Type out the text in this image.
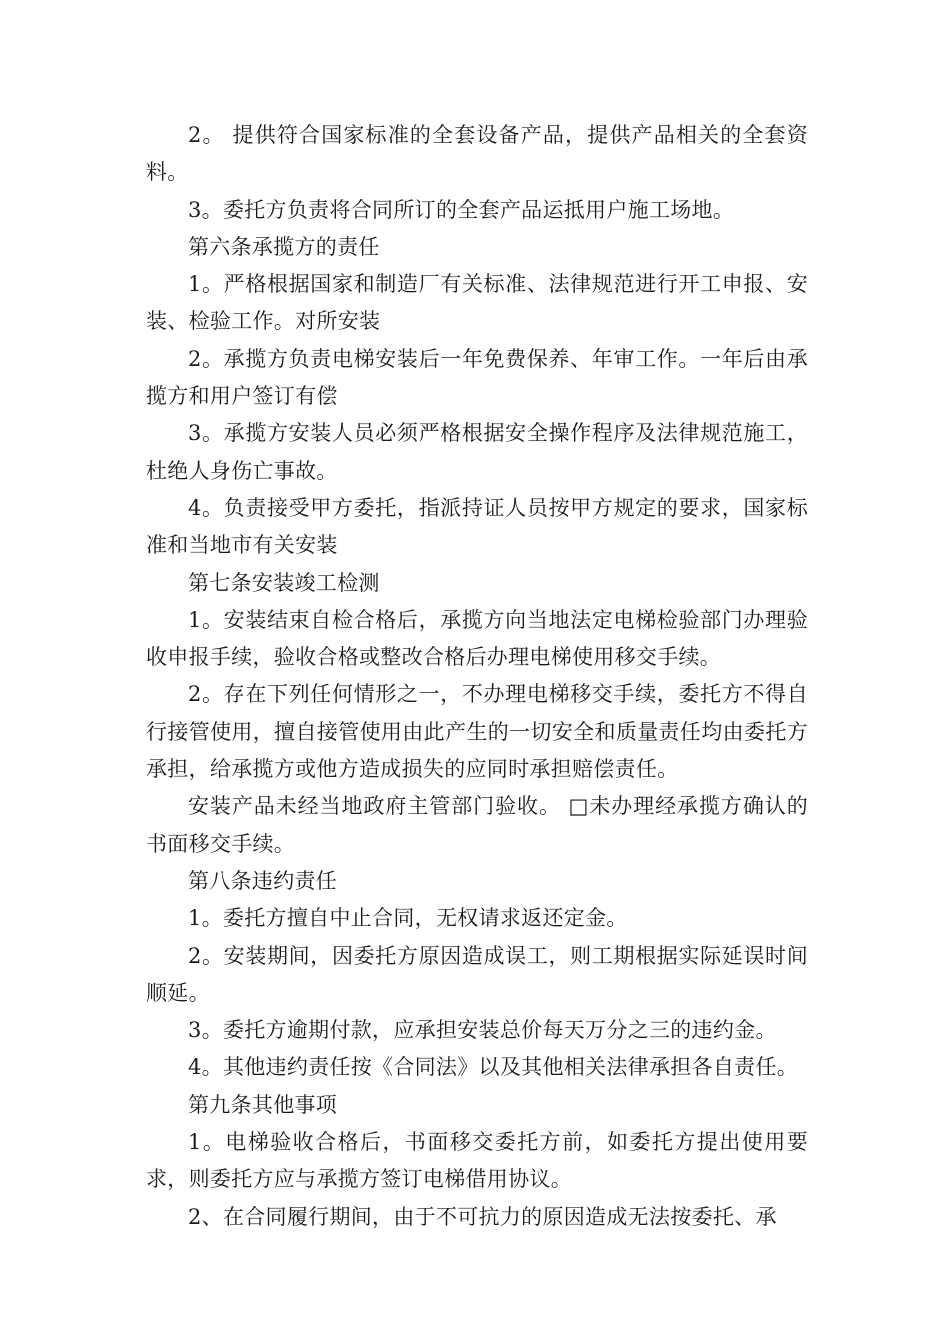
2。 提供符合国家标准的全套设备产品，提供产品相关的全套资料。

3。委托方负责将合同所订的全套产品运抵用户施工场地。

第六条承揽方的责任

1。严格根据国家和制造厂有关标准、法律规范进行开工申报、安装、检验工作。对所安装

2。承揽方负责电梯安装后一年免费保养、年审工作。一年后由承揽方和用户签订有偿

3。承揽方安装人员必须严格根据安全操作程序及法律规范施工，杜绝人身伤亡事故。

4。负责接受甲方委托，指派持证人员按甲方规定的要求，国家标准和当地市有关安装

第七条安装竣工检测

1。安装结束自检合格后，承揽方向当地法定电梯检验部门办理验收申报手续，验收合格或整改合格后办理电梯使用移交手续。

2。存在下列任何情形之一，不办理电梯移交手续，委托方不得自行接管使用，擅自接管使用由此产生的一切安全和质量责任均由委托方承担，给承揽方或他方造成损失的应同时承担赔偿责任。

安装产品未经当地政府主管部门验收。 □未办理经承揽方确认的书面移交手续。

第八条违约责任

1。委托方擅自中止合同，无权请求返还定金。

2。安装期间，因委托方原因造成误工，则工期根据实际延误时间顺延。

3。委托方逾期付款，应承担安装总价每天万分之三的违约金。

4。其他违约责任按《合同法》以及其他相关法律承担各自责任。

第九条其他事项

1。电梯验收合格后，书面移交委托方前，如委托方提出使用要求，则委托方应与承揽方签订电梯借用协议。

2、在合同履行期间，由于不可抗力的原因造成无法按委托、承
